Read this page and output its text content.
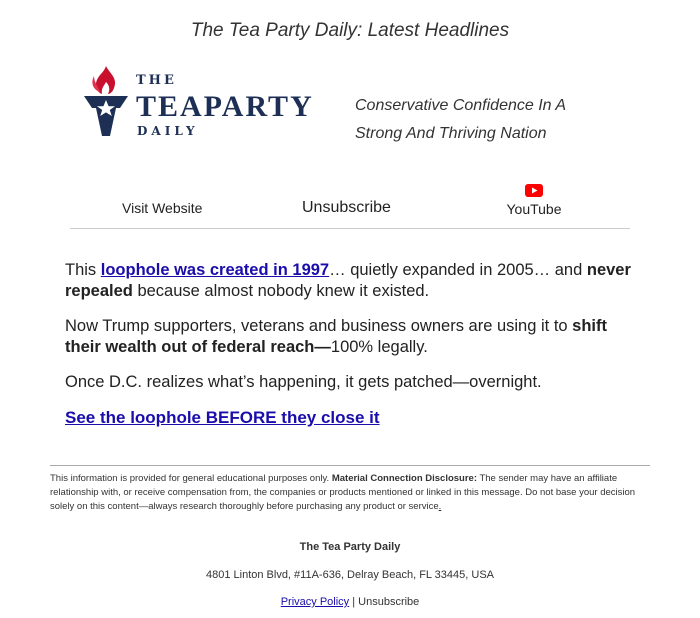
The Tea Party Daily: Latest Headlines
THE
TEAPARTY
DAILY
Conservative Confidence In A
Strong And Thriving Nation
Visit Website	Unsubscribe	YouTube

This loophole was created in 1997… quietly expanded in 2005… and never repealed because almost nobody knew it existed.

Now Trump supporters, veterans and business owners are using it to shift their wealth out of federal reach—100% legally.

Once D.C. realizes what’s happening, it gets patched—overnight.

See the loophole BEFORE they close it

This information is provided for general educational purposes only. Material Connection Disclosure: The sender may have an affiliate relationship with, or receive compensation from, the companies or products mentioned or linked in this message. Do not base your decision solely on this content—always research thoroughly before purchasing any product or service.
The Tea Party Daily
4801 Linton Blvd, #11A-636, Delray Beach, FL 33445, USA
Privacy Policy | Unsubscribe
